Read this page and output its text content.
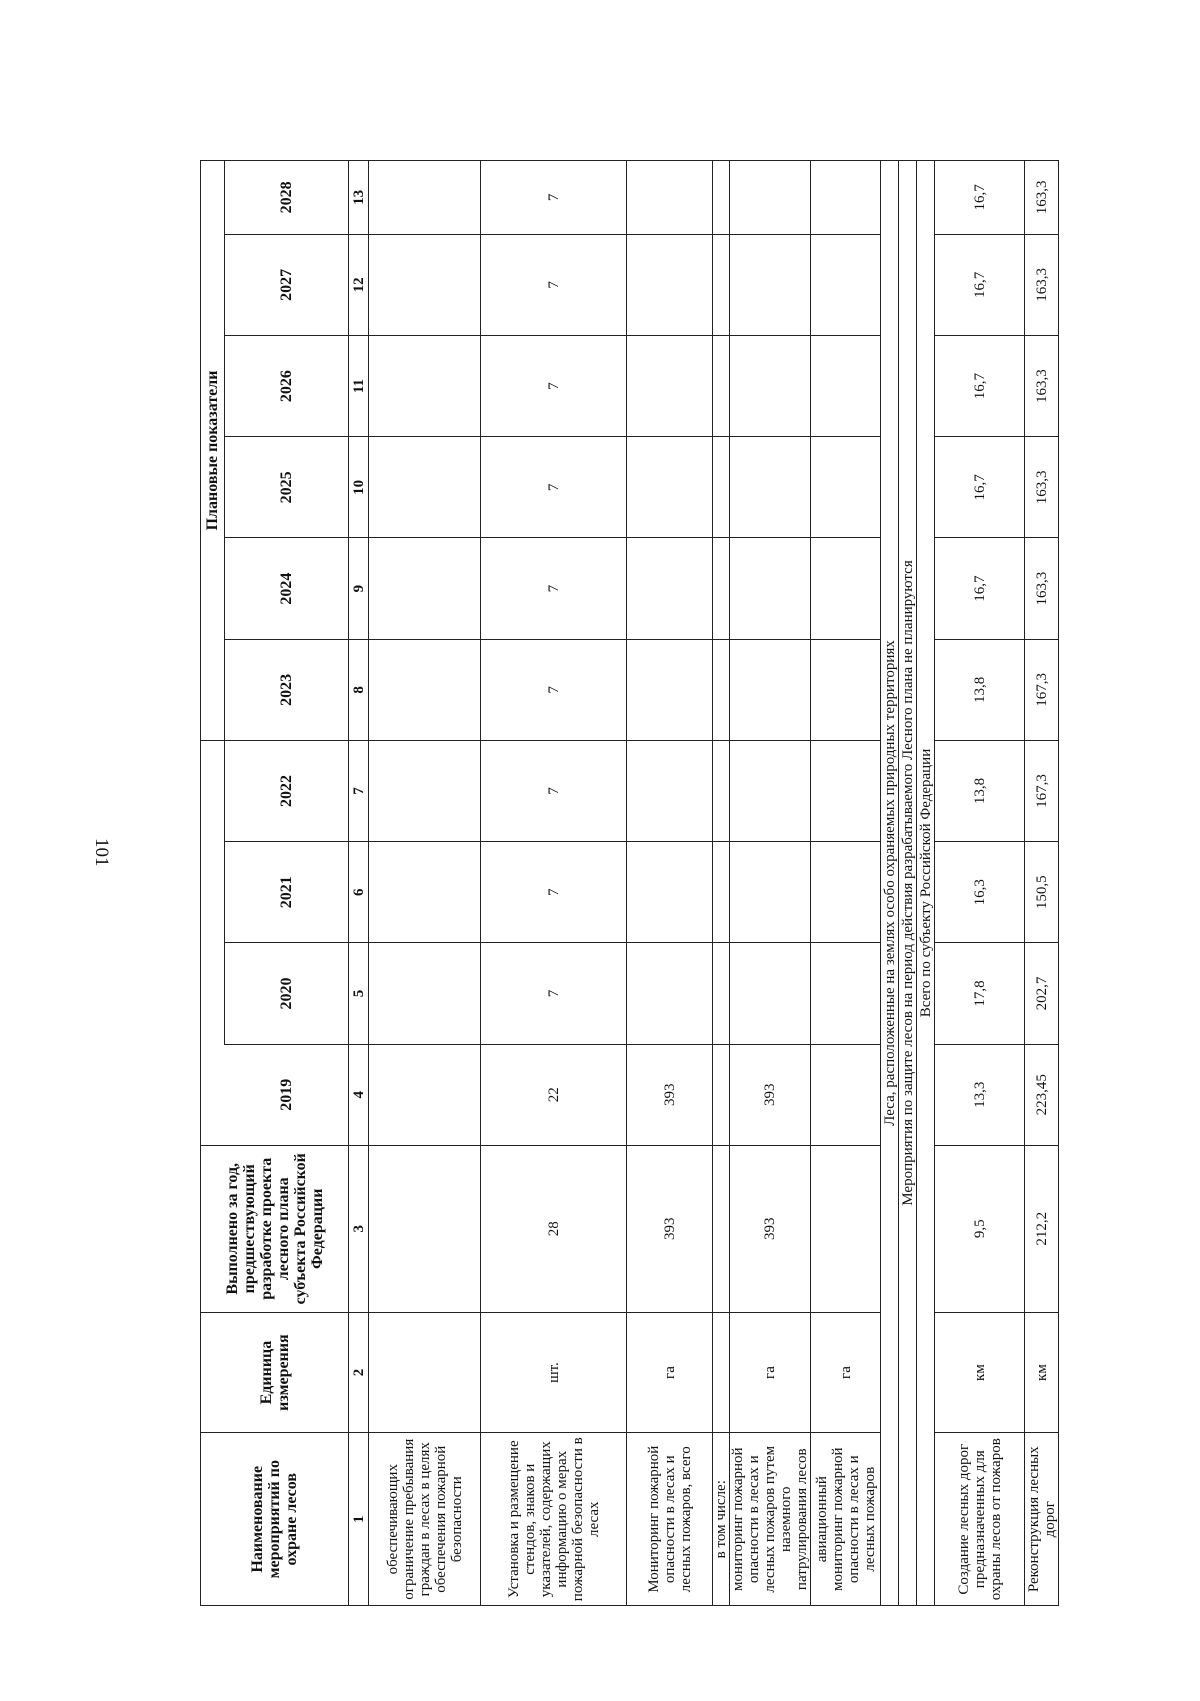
101
Наименование мероприятий по охране лесов	Единица измерения	Выполнено за год, предшествующий разработке проекта лесного плана субъекта Российской Федерации					Плановые показатели					
			2019	2020	2021	2022	2023	2024	2025	2026	2027	2028
1	2	3	4	5	6	7	8	9	10	11	12	13
обеспечивающих ограничение пребывания граждан в лесах в целях обеспечения пожарной безопасности												
Установка и размещение стендов, знаков и указателей, содержащих информацию о мерах пожарной безопасности в лесах	шт.	28	22	7	7	7	7	7	7	7	7	7
Мониторинг пожарной опасности в лесах и лесных пожаров, всего	га	393	393									
в том числе:												
мониторинг пожарной опасности в лесах и лесных пожаров путем наземного патрулирования лесов	га	393	393									
авиационный мониторинг пожарной опасности в лесах и лесных пожаров	га											
Леса, расположенные на землях особо охраняемых природных территориях												
Мероприятия по защите лесов на период действия разрабатываемого Лесного плана не планируются												
Всего по субъекту Российской Федерации												
Создание лесных дорог предназначенных для охраны лесов от пожаров	км	9,5	13,3	17,8	16,3	13,8	13,8	16,7	16,7	16,7	16,7	16,7
Реконструкция лесных дорог	км	212,2	223,45	202,7	150,5	167,3	167,3	163,3	163,3	163,3	163,3	163,3
